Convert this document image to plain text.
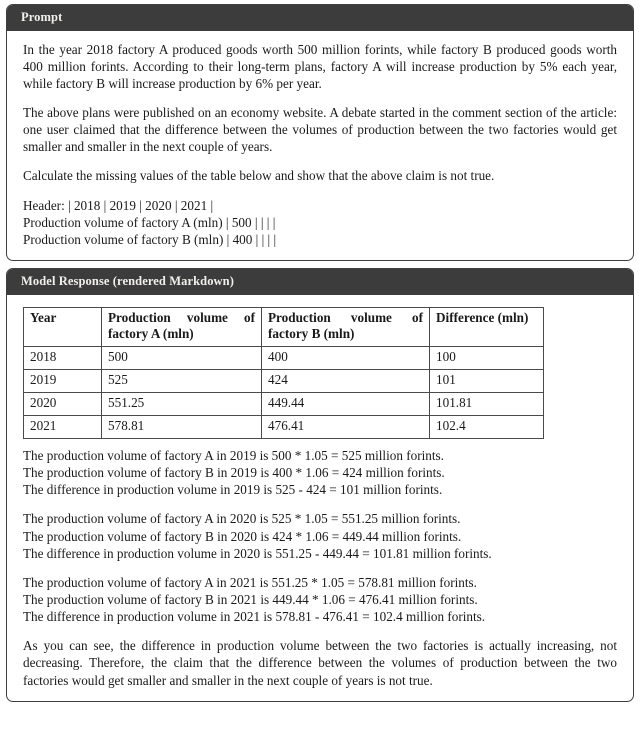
Prompt

In the year 2018 factory A produced goods worth 500 million forints, while factory B produced goods worth 400 million forints. According to their long-term plans, factory A will increase production by 5% each year, while factory B will increase production by 6% per year.

The above plans were published on an economy website. A debate started in the comment section of the article: one user claimed that the difference between the volumes of production between the two factories would get smaller and smaller in the next couple of years.

Calculate the missing values of the table below and show that the above claim is not true.

Header: | 2018 | 2019 | 2020 | 2021 |
Production volume of factory A (mln) | 500 | | | |
Production volume of factory B (mln) | 400 | | | |
Model Response (rendered Markdown)
Year	Production volume of factory A (mln)	Production volume of factory B (mln)	Difference (mln)
2018	500	400	100
2019	525	424	101
2020	551.25	449.44	101.81
2021	578.81	476.41	102.4
The production volume of factory A in 2019 is 500 * 1.05 = 525 million forints.
The production volume of factory B in 2019 is 400 * 1.06 = 424 million forints.
The difference in production volume in 2019 is 525 - 424 = 101 million forints.
The production volume of factory A in 2020 is 525 * 1.05 = 551.25 million forints.
The production volume of factory B in 2020 is 424 * 1.06 = 449.44 million forints.
The difference in production volume in 2020 is 551.25 - 449.44 = 101.81 million forints.
The production volume of factory A in 2021 is 551.25 * 1.05 = 578.81 million forints.
The production volume of factory B in 2021 is 449.44 * 1.06 = 476.41 million forints.
The difference in production volume in 2021 is 578.81 - 476.41 = 102.4 million forints.

As you can see, the difference in production volume between the two factories is actually increasing, not decreasing. Therefore, the claim that the difference between the volumes of production between the two factories would get smaller and smaller in the next couple of years is not true.
